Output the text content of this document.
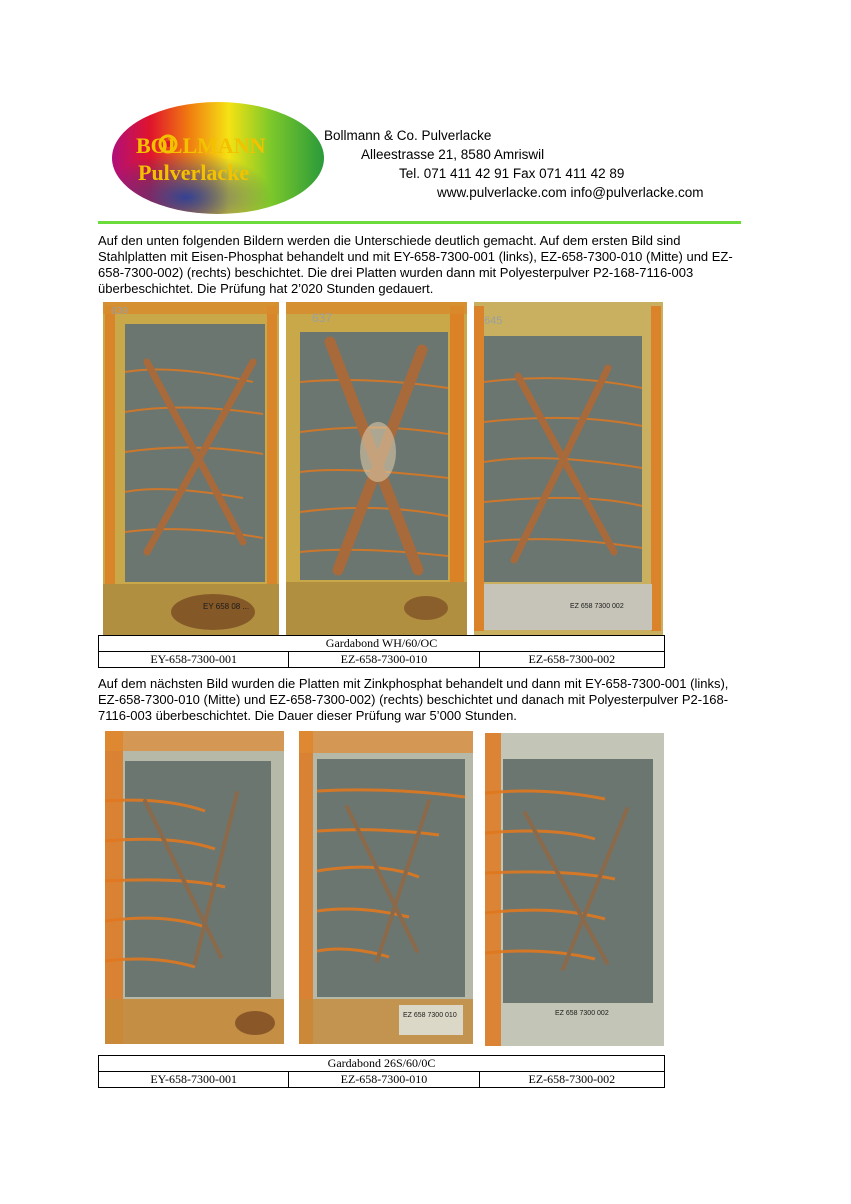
BOLLMANN
Pulverlacke
Bollmann & Co. Pulverlacke
Alleestrasse 21, 8580 Amriswil
Tel. 071 411 42 91 Fax 071 411 42 89
www.pulverlacke.com info@pulverlacke.com
Auf den unten folgenden Bildern werden die Unterschiede deutlich gemacht. Auf dem ersten Bild sind Stahlplatten mit Eisen-Phosphat behandelt und mit EY-658-7300-001 (links), EZ-658-7300-010 (Mitte) und EZ-658-7300-002) (rechts) beschichtet. Die drei Platten wurden dann mit Polyesterpulver P2-168-7116-003 überbeschichtet. Die Prüfung hat 2’020 Stunden gedauert.
639
EY 658 08 ...
637	645
EZ 658 7300 002
Gardabond WH/60/OC
EY-658-7300-001	EZ-658-7300-010	EZ-658-7300-002
Auf dem nächsten Bild wurden die Platten mit Zinkphosphat behandelt und dann mit EY-658-7300-001 (links), EZ-658-7300-010 (Mitte) und EZ-658-7300-002) (rechts) beschichtet und danach mit Polyesterpulver P2-168-7116-003 überbeschichtet. Die Dauer dieser Prüfung war 5’000 Stunden.
EZ 658 7300 010	EZ 658 7300 002
Gardabond 26S/60/0C
EY-658-7300-001	EZ-658-7300-010	EZ-658-7300-002
